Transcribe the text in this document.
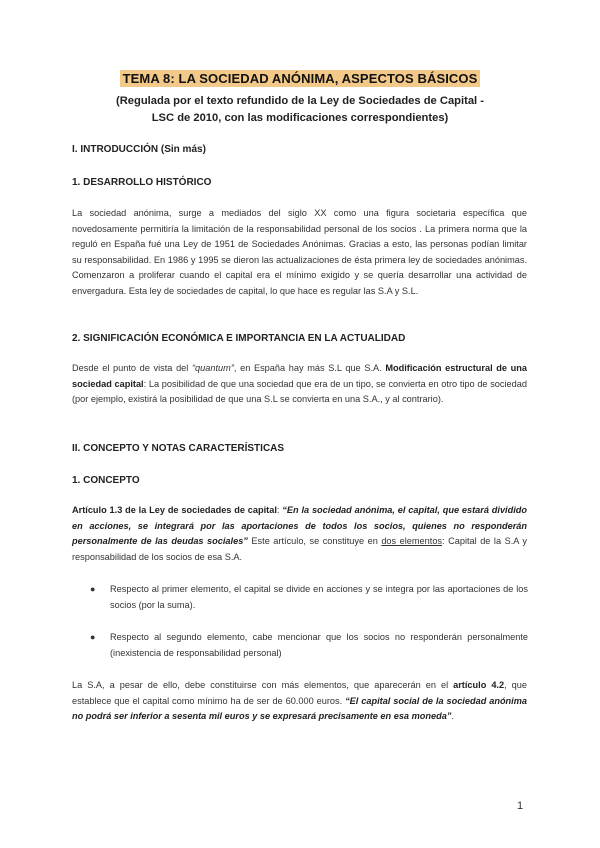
TEMA 8: LA SOCIEDAD ANÓNIMA, ASPECTOS BÁSICOS
(Regulada por el texto refundido de la Ley de Sociedades de Capital -
LSC de 2010, con las modificaciones correspondientes)
I. INTRODUCCIÓN (Sin más)
1. DESARROLLO HISTÓRICO
La sociedad anónima, surge a mediados del siglo XX como una figura societaria específica que novedosamente permitiría la limitación de la responsabilidad personal de los socios . La primera norma que la reguló en España fué una Ley de 1951 de Sociedades Anónimas. Gracias a esto, las personas podían limitar su responsabilidad. En 1986 y 1995 se dieron las actualizaciones de ésta primera ley de sociedades anónimas. Comenzaron a proliferar cuando el capital era el mínimo exigido y se quería desarrollar una actividad de envergadura. Esta ley de sociedades de capital, lo que hace es regular las S.A y S.L.
2. SIGNIFICACIÓN ECONÓMICA E IMPORTANCIA EN LA ACTUALIDAD
Desde el punto de vista del “quantum”, en España hay más S.L que S.A. Modificación estructural de una sociedad capital: La posibilidad de que una sociedad que era de un tipo, se convierta en otro tipo de sociedad (por ejemplo, existirá la posibilidad de que una S.L se convierta en una S.A., y al contrario).
II. CONCEPTO Y NOTAS CARACTERÍSTICAS
1. CONCEPTO
Artículo 1.3 de la Ley de sociedades de capital: “En la sociedad anónima, el capital, que estará dividido en acciones, se integrará por las aportaciones de todos los socios, quienes no responderán personalmente de las deudas sociales” Este artículo, se constituye en dos elementos: Capital de la S.A y responsabilidad de los socios de esa S.A.
● Respecto al primer elemento, el capital se divide en acciones y se integra por las aportaciones de los socios (por la suma).
● Respecto al segundo elemento, cabe mencionar que los socios no responderán personalmente (inexistencia de responsabilidad personal)
La S.A, a pesar de ello, debe constituirse con más elementos, que aparecerán en el artículo 4.2, que establece que el capital como mínimo ha de ser de 60.000 euros. “El capital social de la sociedad anónima no podrá ser inferior a sesenta mil euros y se expresará precisamente en esa moneda”.
1
